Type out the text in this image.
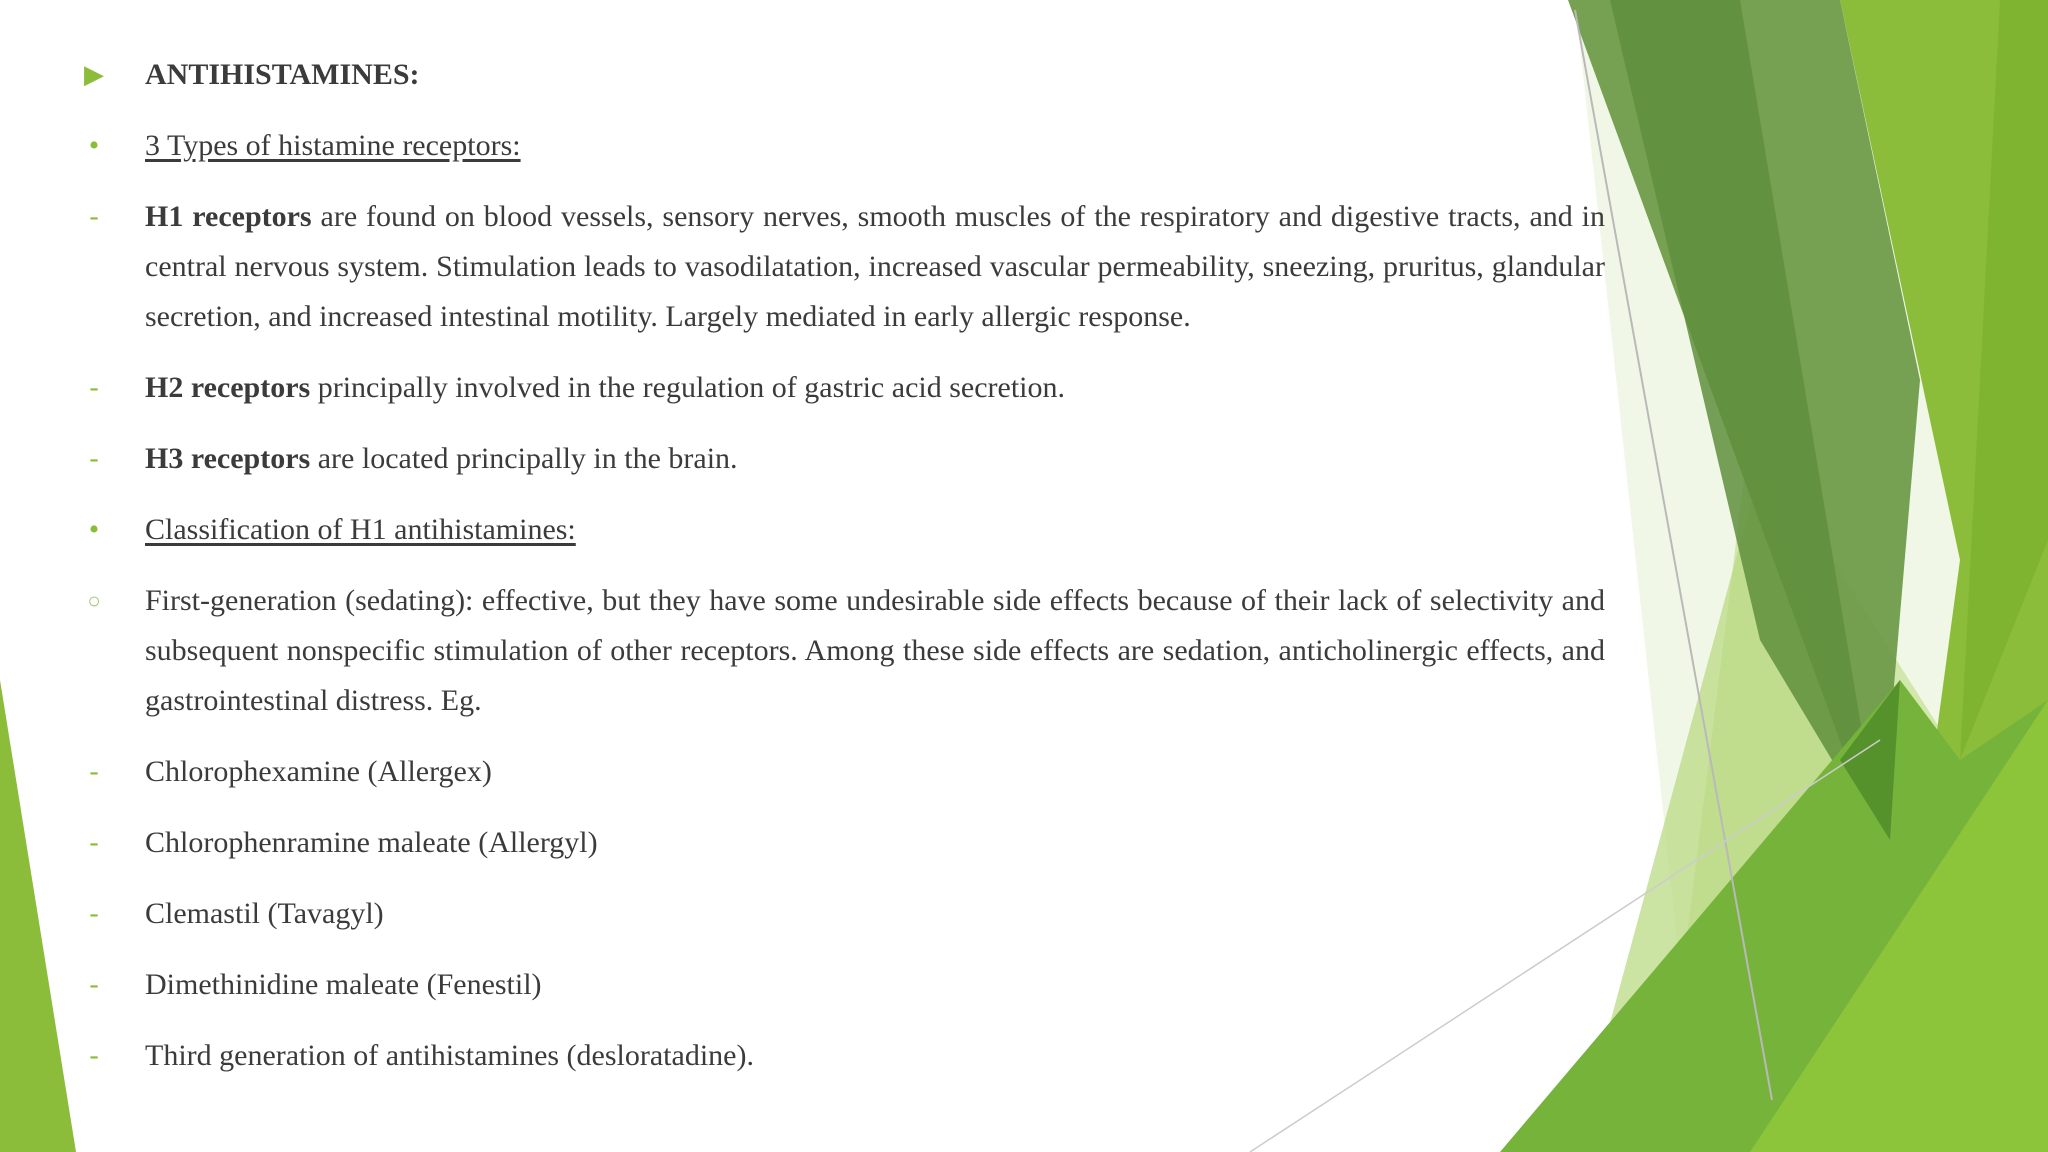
▶ ANTIHISTAMINES:
• 3 Types of histamine receptors:
-	H1 receptors are found on blood vessels, sensory nerves, smooth muscles of the respiratory and digestive tracts, and in central nervous system. Stimulation leads to vasodilatation, increased vascular permeability, sneezing, pruritus, glandular secretion, and increased intestinal motility. Largely mediated in early allergic response.
-	H2 receptors principally involved in the regulation of gastric acid secretion.
-	H3 receptors are located principally in the brain.
• Classification of H1 antihistamines:
○ First-generation (sedating): effective, but they have some undesirable side effects because of their lack of selectivity and subsequent nonspecific stimulation of other receptors. Among these side effects are sedation, anticholinergic effects, and gastrointestinal distress. Eg.
-	Chlorophexamine (Allergex)
-	Chlorophenramine maleate (Allergyl)
-	Clemastil (Tavagyl)
-	Dimethinidine maleate (Fenestil)
-	Third generation of antihistamines (desloratadine).
